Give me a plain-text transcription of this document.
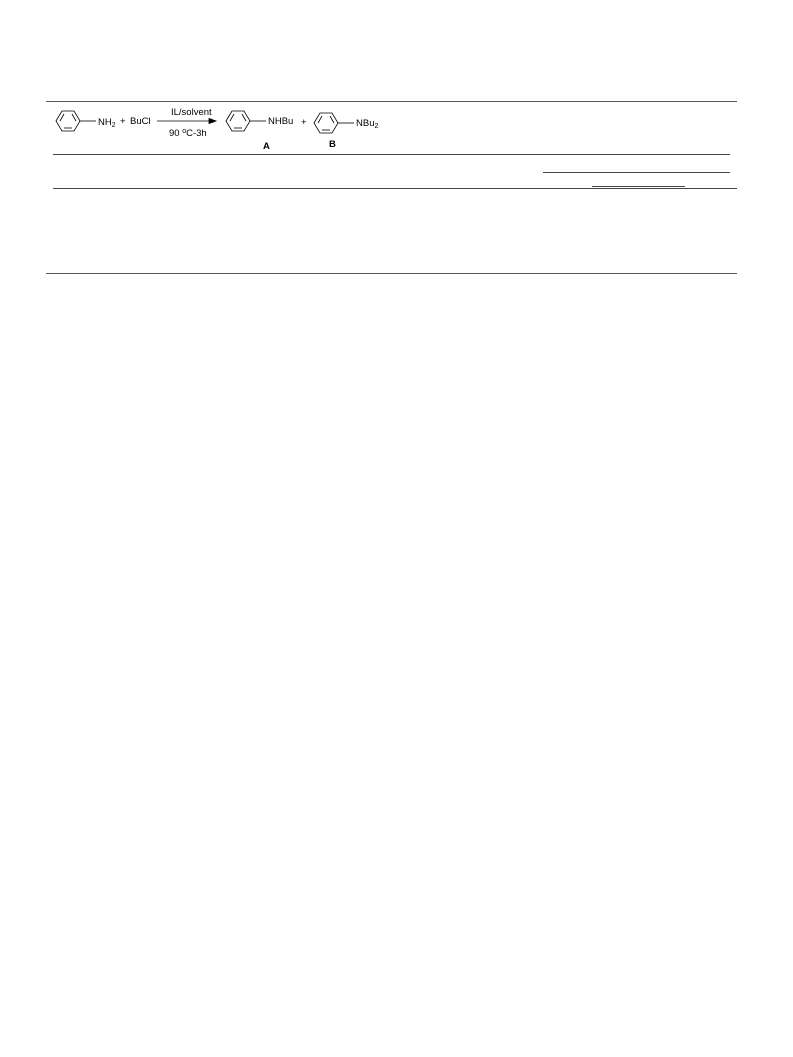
$NH_2$ + BuCl
IL/solvent
90 $^o$C-3h
NHBu +
A
NBu$_2$
B
